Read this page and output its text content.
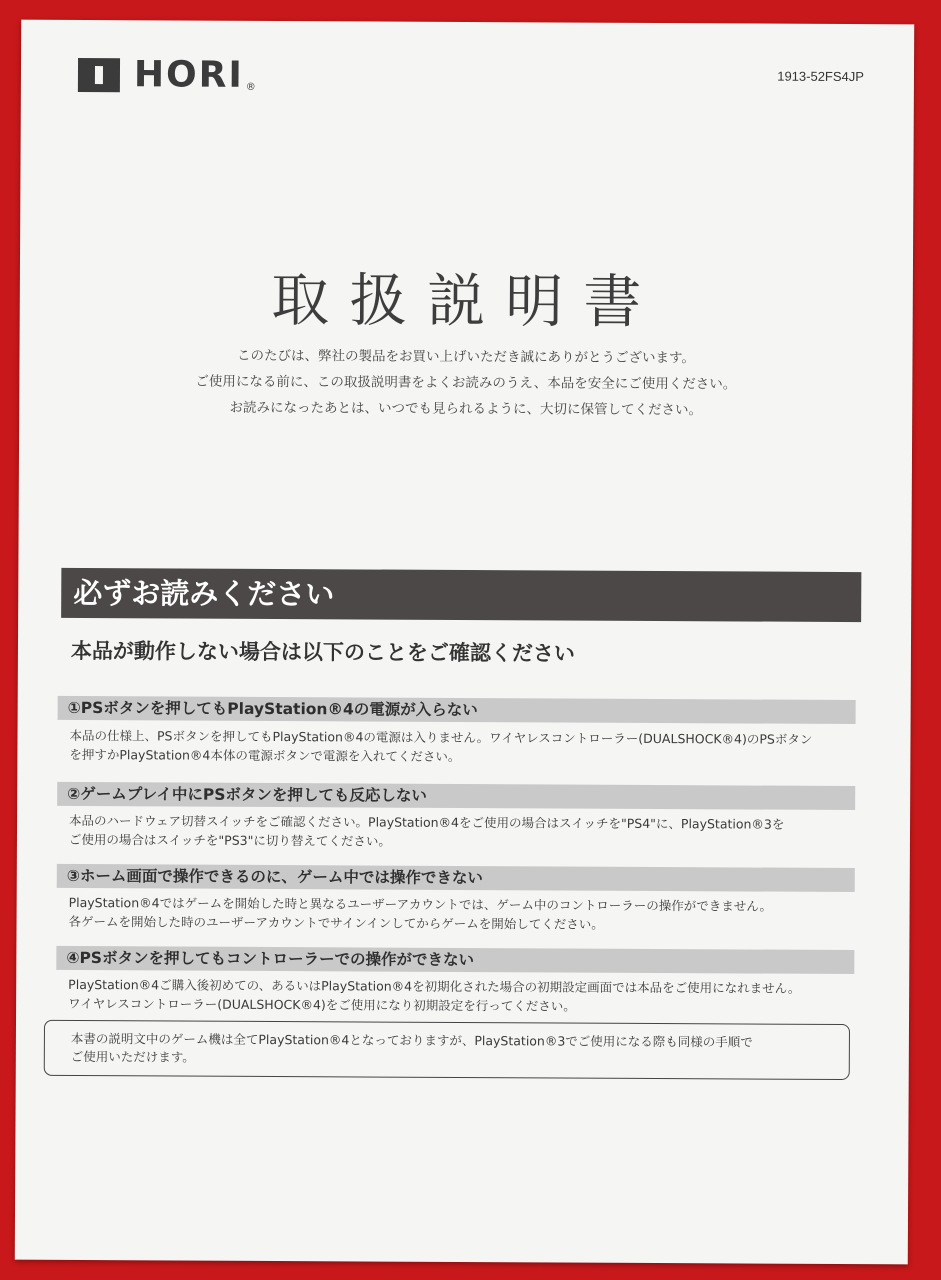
HORI ®
1913-52FS4JP
取扱説明書
このたびは、弊社の製品をお買い上げいただき誠にありがとうございます。
ご使用になる前に、この取扱説明書をよくお読みのうえ、本品を安全にご使用ください。
お読みになったあとは、いつでも見られるように、大切に保管してください。
必ずお読みください
本品が動作しない場合は以下のことをご確認ください
①PSボタンを押してもPlayStation®4の電源が入らない
本品の仕様上、PSボタンを押してもPlayStation®4の電源は入りません。ワイヤレスコントローラー(DUALSHOCK®4)のPSボタン
を押すかPlayStation®4本体の電源ボタンで電源を入れてください。
②ゲームプレイ中にPSボタンを押しても反応しない
本品のハードウェア切替スイッチをご確認ください。PlayStation®4をご使用の場合はスイッチを"PS4"に、PlayStation®3を
ご使用の場合はスイッチを"PS3"に切り替えてください。
③ホーム画面で操作できるのに、ゲーム中では操作できない
PlayStation®4ではゲームを開始した時と異なるユーザーアカウントでは、ゲーム中のコントローラーの操作ができません。
各ゲームを開始した時のユーザーアカウントでサインインしてからゲームを開始してください。
④PSボタンを押してもコントローラーでの操作ができない
PlayStation®4ご購入後初めての、あるいはPlayStation®4を初期化された場合の初期設定画面では本品をご使用になれません。
ワイヤレスコントローラー(DUALSHOCK®4)をご使用になり初期設定を行ってください。
本書の説明文中のゲーム機は全てPlayStation®4となっておりますが、PlayStation®3でご使用になる際も同様の手順で
ご使用いただけます。
